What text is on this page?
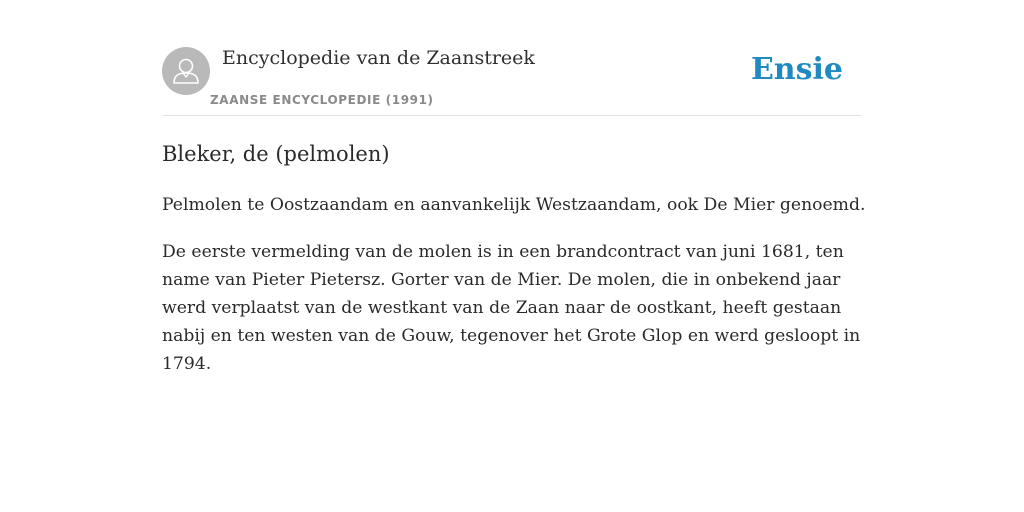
Encyclopedie van de Zaanstreek
ZAANSE ENCYCLOPEDIE (1991)
Ensie
Bleker, de (pelmolen)

Pelmolen te Oostzaandam en aanvankelijk Westzaandam, ook De Mier genoemd.

De eerste vermelding van de molen is in een brandcontract van juni 1681, ten name van Pieter Pietersz. Gorter van de Mier. De molen, die in onbekend jaar werd verplaatst van de westkant van de Zaan naar de oostkant, heeft gestaan nabij en ten westen van de Gouw, tegenover het Grote Glop en werd gesloopt in 1794.
